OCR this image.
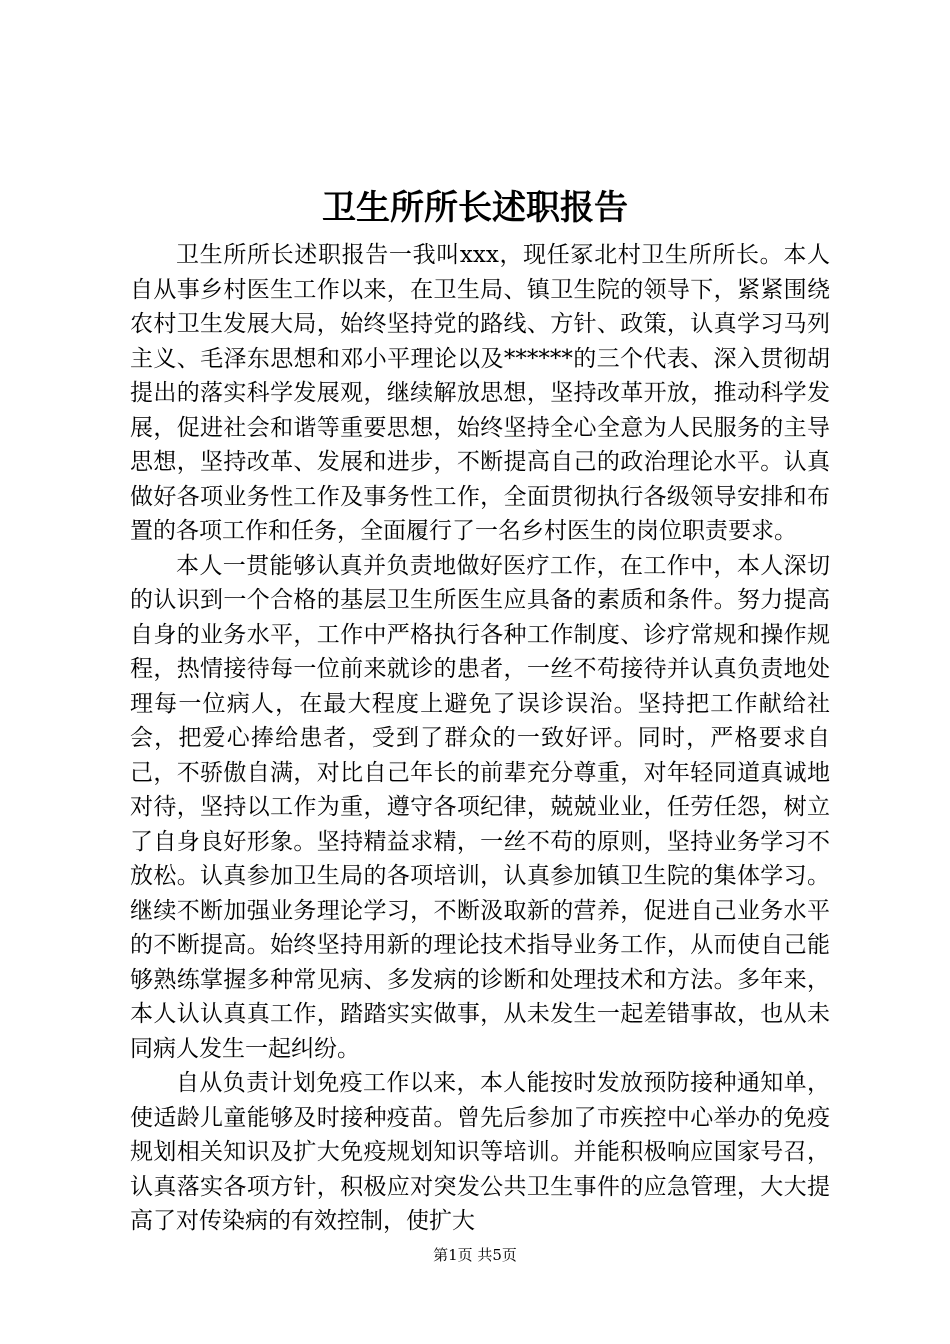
卫生所所长述职报告

卫生所所长述职报告一我叫xxx，现任冢北村卫生所所长。本人自从事乡村医生工作以来，在卫生局、镇卫生院的领导下，紧紧围绕农村卫生发展大局，始终坚持党的路线、方针、政策，认真学习马列主义、毛泽东思想和邓小平理论以及******的三个代表、深入贯彻胡提出的落实科学发展观，继续解放思想，坚持改革开放，推动科学发展，促进社会和谐等重要思想，始终坚持全心全意为人民服务的主导思想，坚持改革、发展和进步，不断提高自己的政治理论水平。认真做好各项业务性工作及事务性工作，全面贯彻执行各级领导安排和布置的各项工作和任务，全面履行了一名乡村医生的岗位职责要求。

本人一贯能够认真并负责地做好医疗工作，在工作中，本人深切的认识到一个合格的基层卫生所医生应具备的素质和条件。努力提高自身的业务水平，工作中严格执行各种工作制度、诊疗常规和操作规程，热情接待每一位前来就诊的患者，一丝不苟接待并认真负责地处理每一位病人，在最大程度上避免了误诊误治。坚持把工作献给社会，把爱心捧给患者，受到了群众的一致好评。同时，严格要求自己，不骄傲自满，对比自己年长的前辈充分尊重，对年轻同道真诚地对待，坚持以工作为重，遵守各项纪律，兢兢业业，任劳任怨，树立了自身良好形象。坚持精益求精，一丝不苟的原则，坚持业务学习不放松。认真参加卫生局的各项培训，认真参加镇卫生院的集体学习。继续不断加强业务理论学习，不断汲取新的营养，促进自己业务水平的不断提高。始终坚持用新的理论技术指导业务工作，从而使自己能够熟练掌握多种常见病、多发病的诊断和处理技术和方法。多年来，本人认认真真工作，踏踏实实做事，从未发生一起差错事故，也从未同病人发生一起纠纷。

自从负责计划免疫工作以来，本人能按时发放预防接种通知单，使适龄儿童能够及时接种疫苗。曾先后参加了市疾控中心举办的免疫规划相关知识及扩大免疫规划知识等培训。并能积极响应国家号召，认真落实各项方针，积极应对突发公共卫生事件的应急管理，大大提高了对传染病的有效控制，使扩大

第1页 共5页
